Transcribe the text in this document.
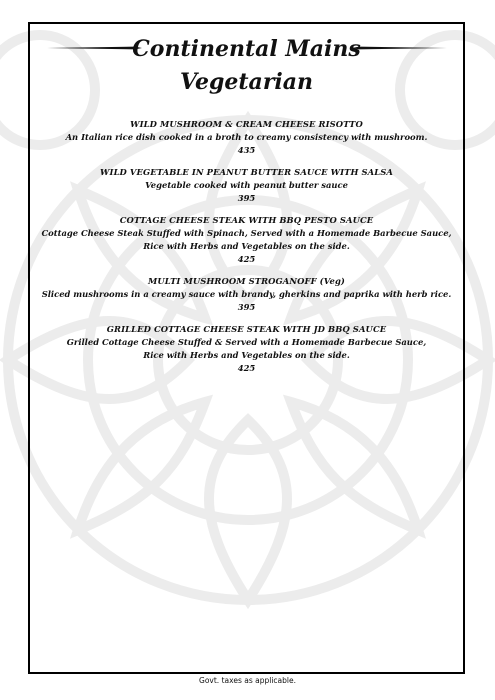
Continental Mains
Vegetarian
WILD MUSHROOM & CREAM CHEESE RISOTTO
An Italian rice dish cooked in a broth to creamy consistency with mushroom.
435
WILD VEGETABLE IN PEANUT BUTTER SAUCE WITH SALSA
Vegetable cooked with peanut butter sauce
395
COTTAGE CHEESE STEAK WITH BBQ PESTO SAUCE
Cottage Cheese Steak Stuffed with Spinach, Served with a Homemade Barbecue Sauce,
Rice with Herbs and Vegetables on the side.
425
MULTI MUSHROOM STROGANOFF (Veg)
Sliced mushrooms in a creamy sauce with brandy, gherkins and paprika with herb rice.
395
GRILLED COTTAGE CHEESE STEAK WITH JD BBQ SAUCE
Grilled Cottage Cheese Stuffed & Served with a Homemade Barbecue Sauce,
Rice with Herbs and Vegetables on the side.
425
Govt. taxes as applicable.
